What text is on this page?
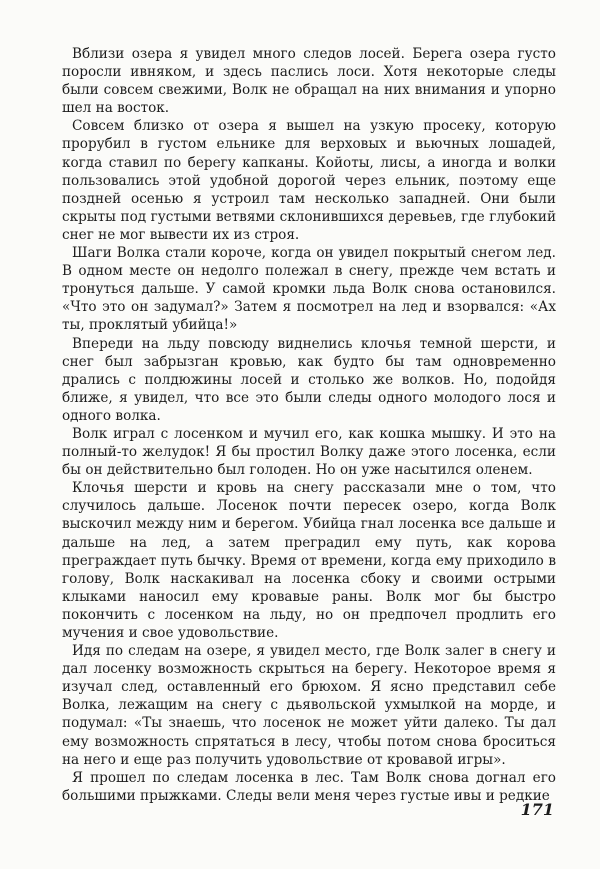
Вблизи озера я увидел много следов лосей. Берега озера густо поросли ивняком, и здесь паслись лоси. Хотя некоторые следы были совсем свежими, Волк не обращал на них внимания и упорно шел на восток.

Совсем близко от озера я вышел на узкую просеку, которую прорубил в густом ельнике для верховых и вьючных лошадей, когда ставил по берегу капканы. Койоты, лисы, а иногда и волки пользовались этой удобной дорогой через ельник, поэтому еще поздней осенью я устроил там несколько западней. Они были скрыты под густыми ветвями склонившихся деревьев, где глубокий снег не мог вывести их из строя.

Шаги Волка стали короче, когда он увидел покрытый снегом лед. В одном месте он недолго полежал в снегу, прежде чем встать и тронуться дальше. У самой кромки льда Волк снова остановился. «Что это он задумал?» Затем я посмотрел на лед и взорвался: «Ах ты, проклятый убийца!»

Впереди на льду повсюду виднелись клочья темной шерсти, и снег был забрызган кровью, как будто бы там одновременно дрались с полдюжины лосей и столько же волков. Но, подойдя ближе, я увидел, что все это были следы одного молодого лося и одного волка.

Волк играл с лосенком и мучил его, как кошка мышку. И это на полный-то желудок! Я бы простил Волку даже этого лосенка, если бы он действительно был голоден. Но он уже насытился оленем.

Клочья шерсти и кровь на снегу рассказали мне о том, что случилось дальше. Лосенок почти пересек озеро, когда Волк выскочил между ним и берегом. Убийца гнал лосенка все дальше и дальше на лед, а затем преградил ему путь, как корова преграждает путь бычку. Время от времени, когда ему приходило в голову, Волк наскакивал на лосенка сбоку и своими острыми клыками наносил ему кровавые раны. Волк мог бы быстро покончить с лосенком на льду, но он предпочел продлить его мучения и свое удовольствие.

Идя по следам на озере, я увидел место, где Волк залег в снегу и дал лосенку возможность скрыться на берегу. Некоторое время я изучал след, оставленный его брюхом. Я ясно представил себе Волка, лежащим на снегу с дьявольской ухмылкой на морде, и подумал: «Ты знаешь, что лосенок не может уйти далеко. Ты дал ему возможность спрятаться в лесу, чтобы потом снова броситься на него и еще раз получить удовольствие от кровавой игры».

Я прошел по следам лосенка в лес. Там Волк снова догнал его большими прыжками. Следы вели меня через густые ивы и редкие

171
